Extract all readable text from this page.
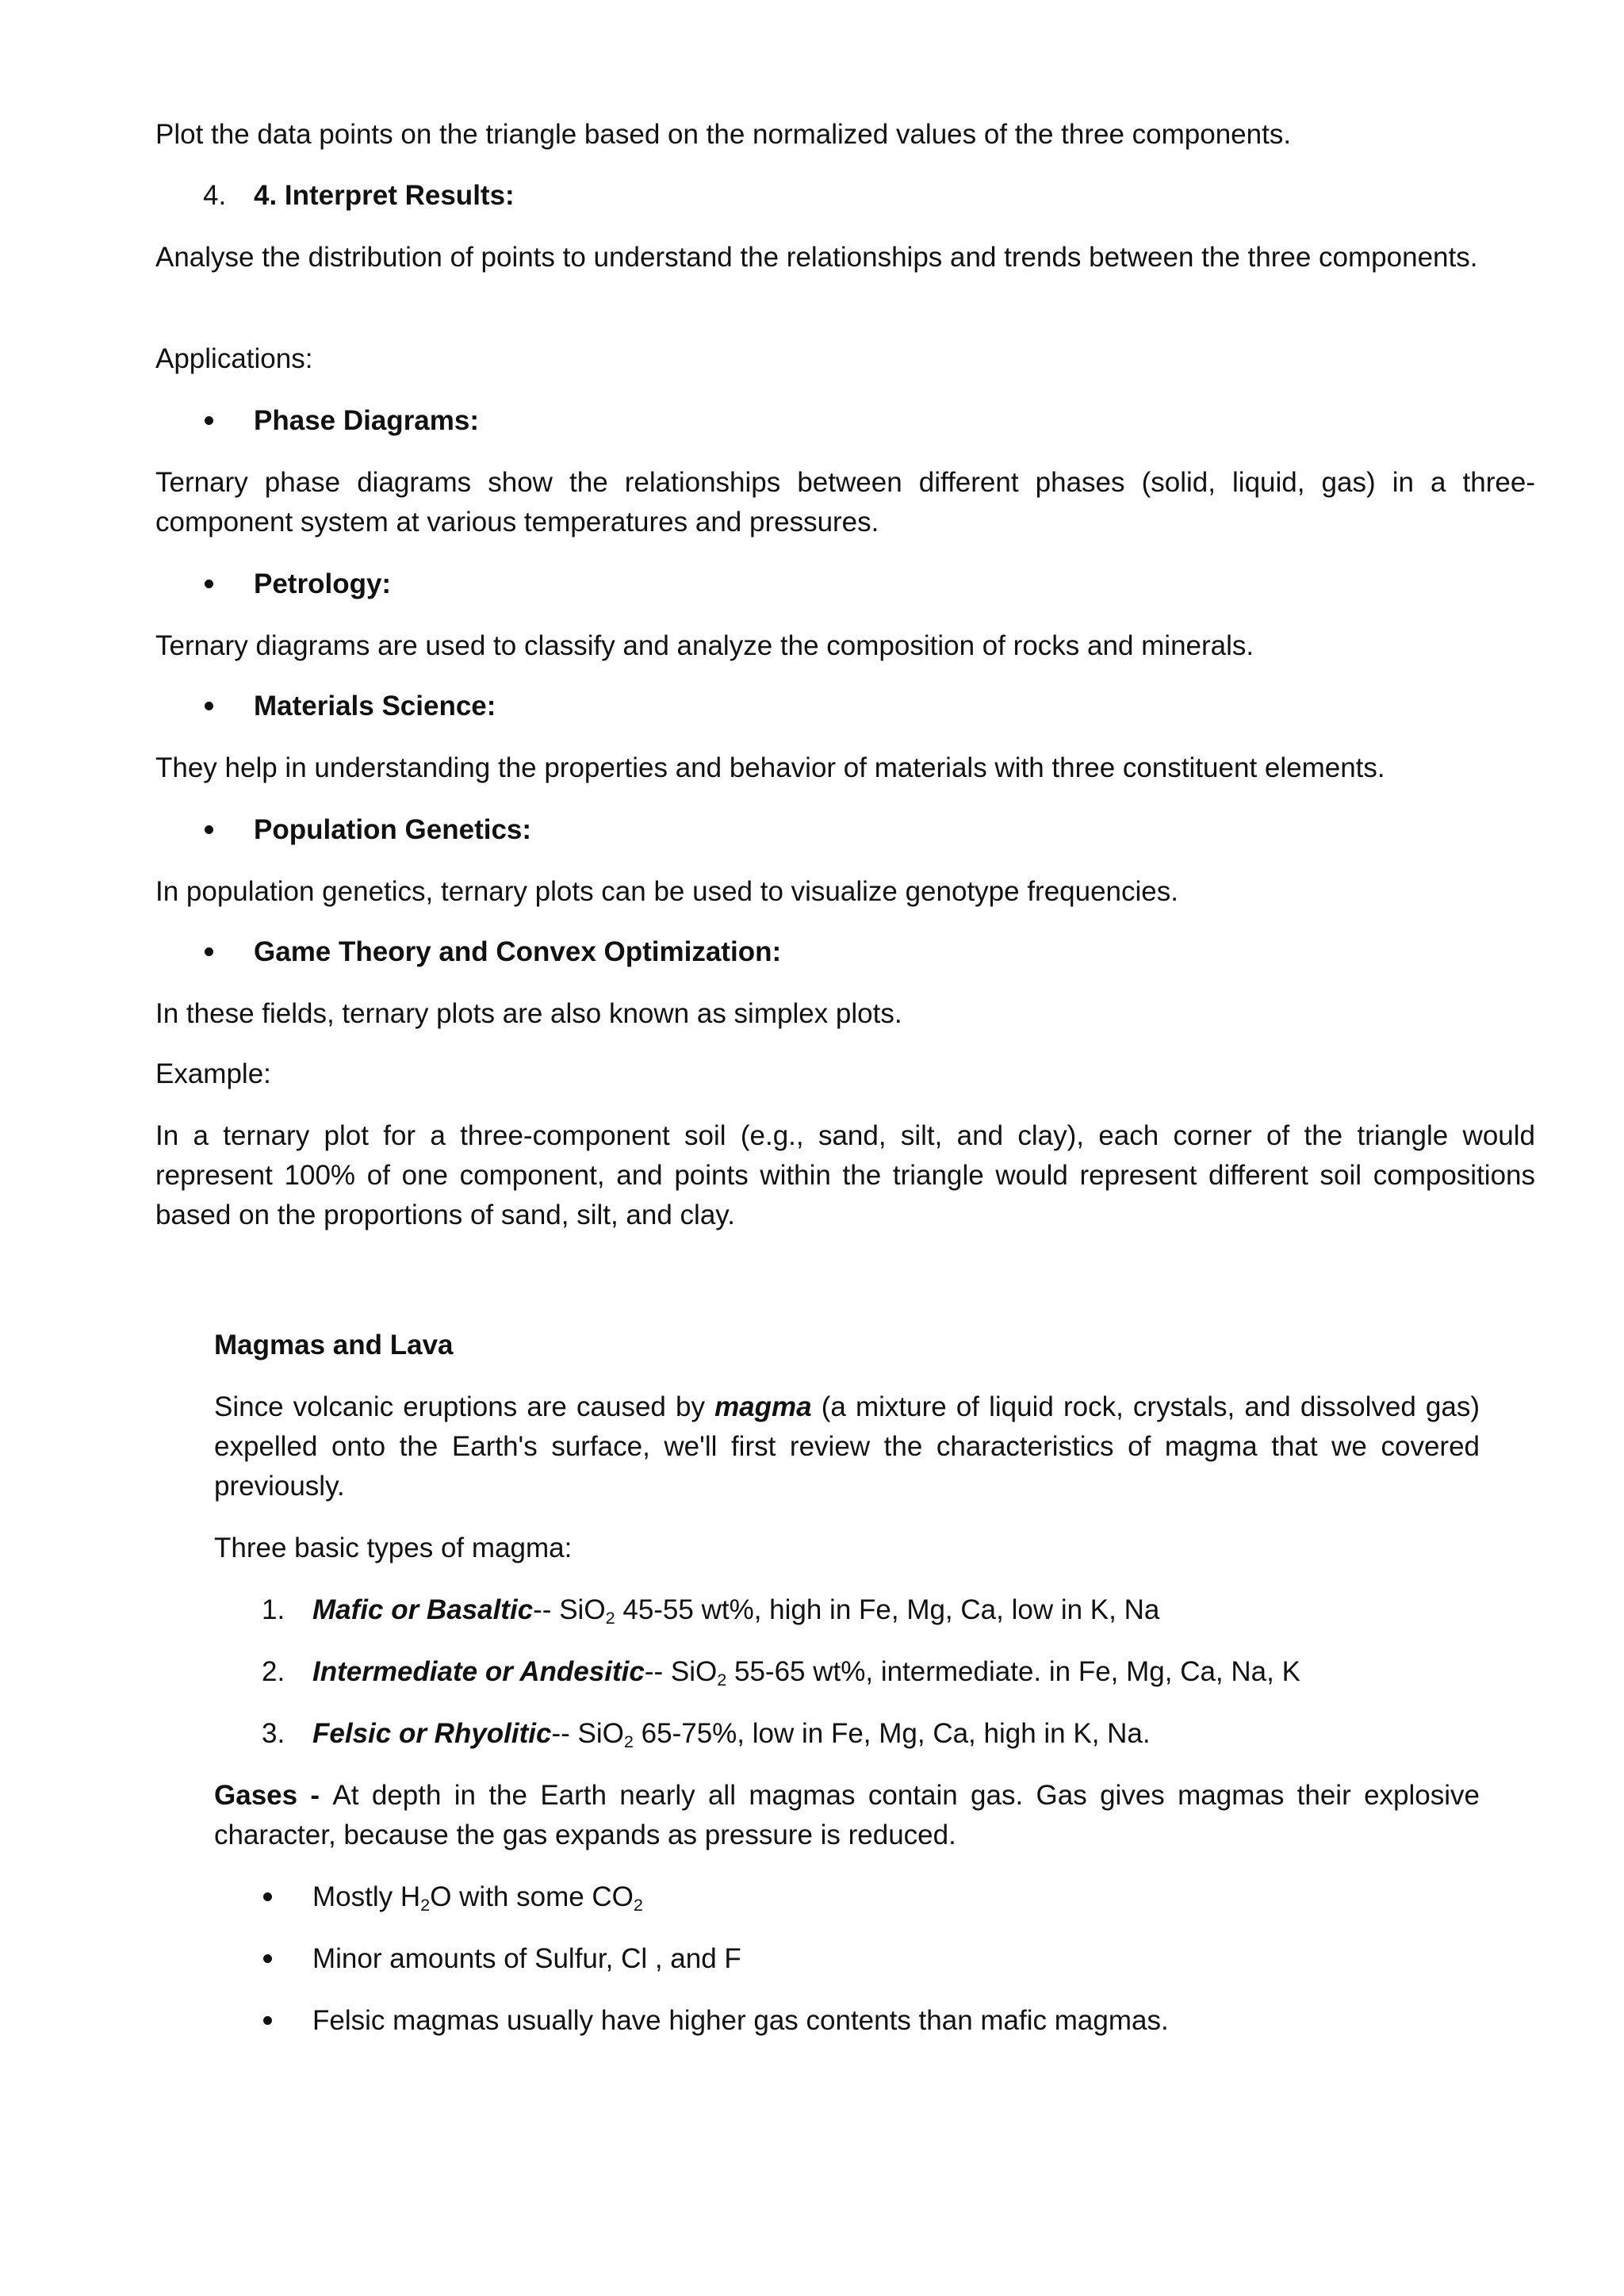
Plot the data points on the triangle based on the normalized values of the three components.

4. 4. Interpret Results:

Analyse the distribution of points to understand the relationships and trends between the three components.

Applications:

Phase Diagrams:

Ternary phase diagrams show the relationships between different phases (solid, liquid, gas) in a three-component system at various temperatures and pressures.

Petrology:

Ternary diagrams are used to classify and analyze the composition of rocks and minerals.

Materials Science:

They help in understanding the properties and behavior of materials with three constituent elements.

Population Genetics:

In population genetics, ternary plots can be used to visualize genotype frequencies.

Game Theory and Convex Optimization:

In these fields, ternary plots are also known as simplex plots.

Example:

In a ternary plot for a three-component soil (e.g., sand, silt, and clay), each corner of the triangle would represent 100% of one component, and points within the triangle would represent different soil compositions based on the proportions of sand, silt, and clay.

Magmas and Lava

Since volcanic eruptions are caused by magma (a mixture of liquid rock, crystals, and dissolved gas) expelled onto the Earth's surface, we'll first review the characteristics of magma that we covered previously.

Three basic types of magma:

1. Mafic or Basaltic-- SiO$_2$ 45-55 wt%, high in Fe, Mg, Ca, low in K, Na
2. Intermediate or Andesitic-- SiO$_2$ 55-65 wt%, intermediate. in Fe, Mg, Ca, Na, K
3. Felsic or Rhyolitic-- SiO$_2$ 65-75%, low in Fe, Mg, Ca, high in K, Na.

Gases - At depth in the Earth nearly all magmas contain gas. Gas gives magmas their explosive character, because the gas expands as pressure is reduced.

Mostly $H_2O$ with some $CO_2$
Minor amounts of Sulfur, Cl , and F
Felsic magmas usually have higher gas contents than mafic magmas.
